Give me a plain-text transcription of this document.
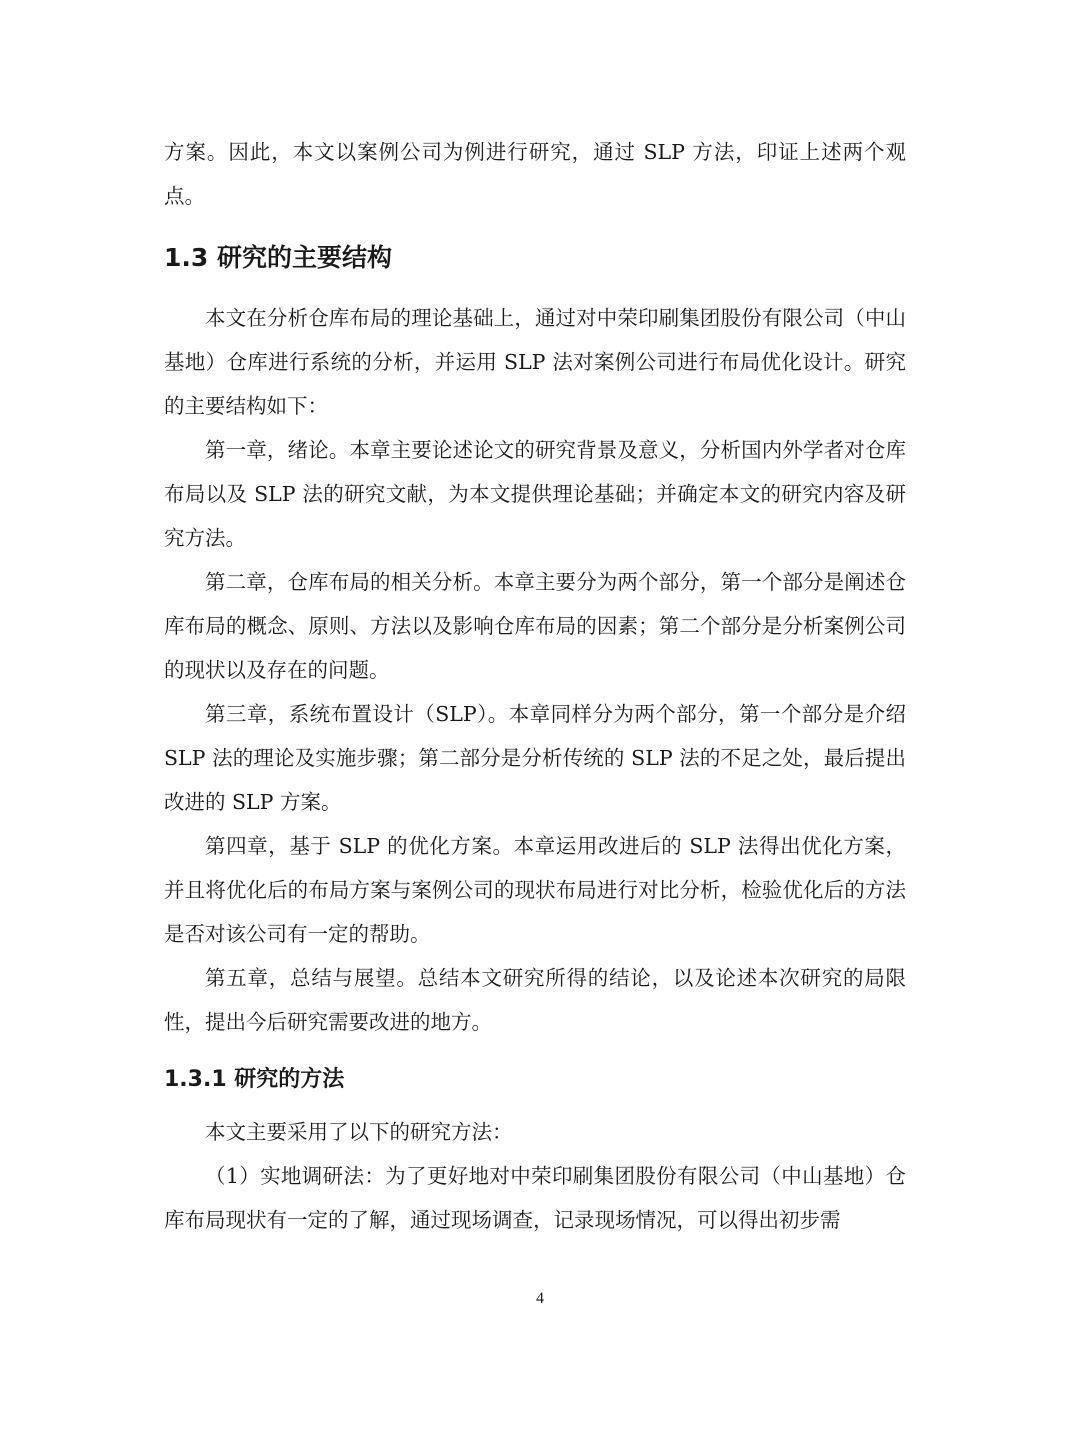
方案。因此，本文以案例公司为例进行研究，通过 SLP 方法，印证上述两个观点。

1.3 研究的主要结构

本文在分析仓库布局的理论基础上，通过对中荣印刷集团股份有限公司（中山基地）仓库进行系统的分析，并运用 SLP 法对案例公司进行布局优化设计。研究的主要结构如下：

第一章，绪论。本章主要论述论文的研究背景及意义，分析国内外学者对仓库布局以及 SLP 法的研究文献，为本文提供理论基础；并确定本文的研究内容及研究方法。

第二章，仓库布局的相关分析。本章主要分为两个部分，第一个部分是阐述仓库布局的概念、原则、方法以及影响仓库布局的因素；第二个部分是分析案例公司的现状以及存在的问题。

第三章，系统布置设计（SLP）。本章同样分为两个部分，第一个部分是介绍 SLP 法的理论及实施步骤；第二部分是分析传统的 SLP 法的不足之处，最后提出改进的 SLP 方案。

第四章，基于 SLP 的优化方案。本章运用改进后的 SLP 法得出优化方案，并且将优化后的布局方案与案例公司的现状布局进行对比分析，检验优化后的方法是否对该公司有一定的帮助。

第五章，总结与展望。总结本文研究所得的结论，以及论述本次研究的局限性，提出今后研究需要改进的地方。

1.3.1 研究的方法

本文主要采用了以下的研究方法：

（1）实地调研法：为了更好地对中荣印刷集团股份有限公司（中山基地）仓库布局现状有一定的了解，通过现场调查，记录现场情况，可以得出初步需

4
